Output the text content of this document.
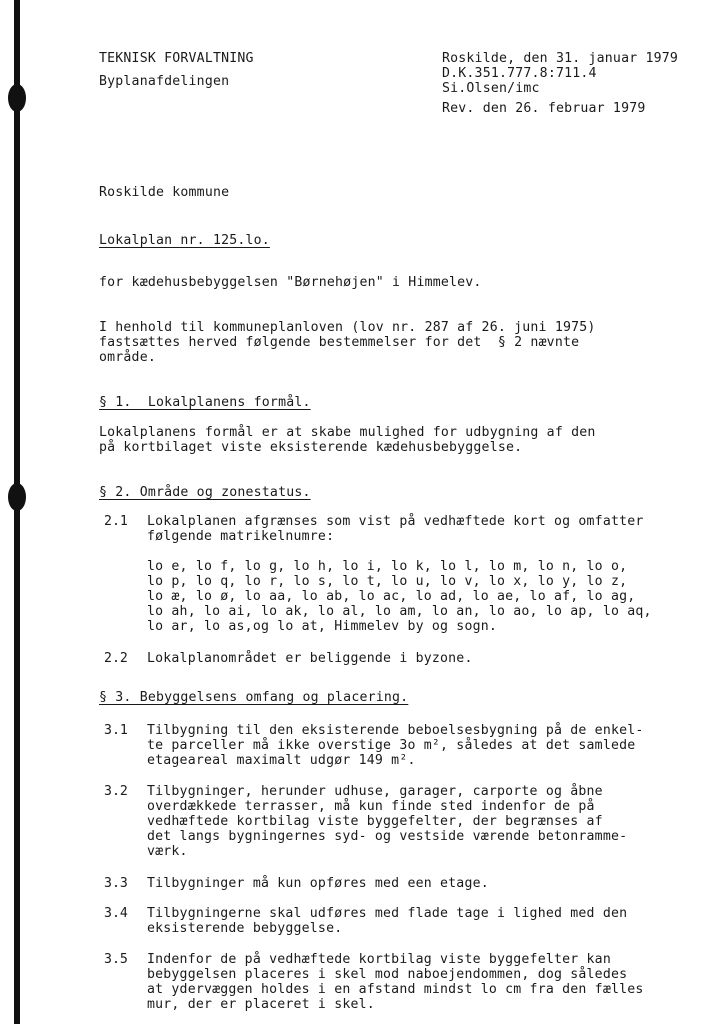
TEKNISK FORVALTNING
Byplanafdelingen
Roskilde, den 31. januar 1979
D.K.351.777.8:711.4
Si.Olsen/imc
Rev. den 26. februar 1979
Roskilde kommune
Lokalplan nr. 125.lo.
for kædehusbebyggelsen "Børnehøjen" i Himmelev.
I henhold til kommuneplanloven (lov nr. 287 af 26. juni 1975)
fastsættes herved følgende bestemmelser for det  § 2 nævnte
område.
§ 1.  Lokalplanens formål.
Lokalplanens formål er at skabe mulighed for udbygning af den
på kortbilaget viste eksisterende kædehusbebyggelse.
§ 2. Område og zonestatus.
2.1 Lokalplanen afgrænses som vist på vedhæftede kort og omfatter
følgende matrikelnumre:
lo e, lo f, lo g, lo h, lo i, lo k, lo l, lo m, lo n, lo o,
lo p, lo q, lo r, lo s, lo t, lo u, lo v, lo x, lo y, lo z,
lo æ, lo ø, lo aa, lo ab, lo ac, lo ad, lo ae, lo af, lo ag,
lo ah, lo ai, lo ak, lo al, lo am, lo an, lo ao, lo ap, lo aq,
lo ar, lo as,og lo at, Himmelev by og sogn.
2.2 Lokalplanområdet er beliggende i byzone.
§ 3. Bebyggelsens omfang og placering.
3.1 Tilbygning til den eksisterende beboelsesbygning på de enkel-
te parceller må ikke overstige 3o m², således at det samlede
etageareal maximalt udgør 149 m².
3.2 Tilbygninger, herunder udhuse, garager, carporte og åbne
overdækkede terrasser, må kun finde sted indenfor de på
vedhæftede kortbilag viste byggefelter, der begrænses af
det langs bygningernes syd- og vestside værende betonramme-
værk.
3.3 Tilbygninger må kun opføres med een etage.
3.4 Tilbygningerne skal udføres med flade tage i lighed med den
eksisterende bebyggelse.
3.5 Indenfor de på vedhæftede kortbilag viste byggefelter kan
bebyggelsen placeres i skel mod naboejendommen, dog således
at ydervæggen holdes i en afstand mindst lo cm fra den fælles
mur, der er placeret i skel.
